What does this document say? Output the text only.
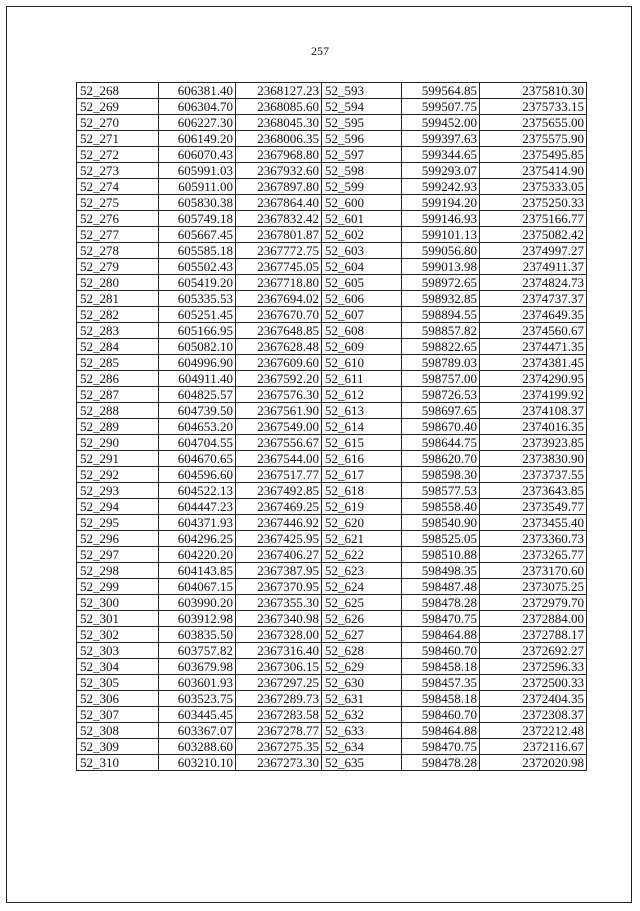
257
52_268	606381.40	2368127.23	52_593	599564.85	2375810.30
52_269	606304.70	2368085.60	52_594	599507.75	2375733.15
52_270	606227.30	2368045.30	52_595	599452.00	2375655.00
52_271	606149.20	2368006.35	52_596	599397.63	2375575.90
52_272	606070.43	2367968.80	52_597	599344.65	2375495.85
52_273	605991.03	2367932.60	52_598	599293.07	2375414.90
52_274	605911.00	2367897.80	52_599	599242.93	2375333.05
52_275	605830.38	2367864.40	52_600	599194.20	2375250.33
52_276	605749.18	2367832.42	52_601	599146.93	2375166.77
52_277	605667.45	2367801.87	52_602	599101.13	2375082.42
52_278	605585.18	2367772.75	52_603	599056.80	2374997.27
52_279	605502.43	2367745.05	52_604	599013.98	2374911.37
52_280	605419.20	2367718.80	52_605	598972.65	2374824.73
52_281	605335.53	2367694.02	52_606	598932.85	2374737.37
52_282	605251.45	2367670.70	52_607	598894.55	2374649.35
52_283	605166.95	2367648.85	52_608	598857.82	2374560.67
52_284	605082.10	2367628.48	52_609	598822.65	2374471.35
52_285	604996.90	2367609.60	52_610	598789.03	2374381.45
52_286	604911.40	2367592.20	52_611	598757.00	2374290.95
52_287	604825.57	2367576.30	52_612	598726.53	2374199.92
52_288	604739.50	2367561.90	52_613	598697.65	2374108.37
52_289	604653.20	2367549.00	52_614	598670.40	2374016.35
52_290	604704.55	2367556.67	52_615	598644.75	2373923.85
52_291	604670.65	2367544.00	52_616	598620.70	2373830.90
52_292	604596.60	2367517.77	52_617	598598.30	2373737.55
52_293	604522.13	2367492.85	52_618	598577.53	2373643.85
52_294	604447.23	2367469.25	52_619	598558.40	2373549.77
52_295	604371.93	2367446.92	52_620	598540.90	2373455.40
52_296	604296.25	2367425.95	52_621	598525.05	2373360.73
52_297	604220.20	2367406.27	52_622	598510.88	2373265.77
52_298	604143.85	2367387.95	52_623	598498.35	2373170.60
52_299	604067.15	2367370.95	52_624	598487.48	2373075.25
52_300	603990.20	2367355.30	52_625	598478.28	2372979.70
52_301	603912.98	2367340.98	52_626	598470.75	2372884.00
52_302	603835.50	2367328.00	52_627	598464.88	2372788.17
52_303	603757.82	2367316.40	52_628	598460.70	2372692.27
52_304	603679.98	2367306.15	52_629	598458.18	2372596.33
52_305	603601.93	2367297.25	52_630	598457.35	2372500.33
52_306	603523.75	2367289.73	52_631	598458.18	2372404.35
52_307	603445.45	2367283.58	52_632	598460.70	2372308.37
52_308	603367.07	2367278.77	52_633	598464.88	2372212.48
52_309	603288.60	2367275.35	52_634	598470.75	2372116.67
52_310	603210.10	2367273.30	52_635	598478.28	2372020.98
